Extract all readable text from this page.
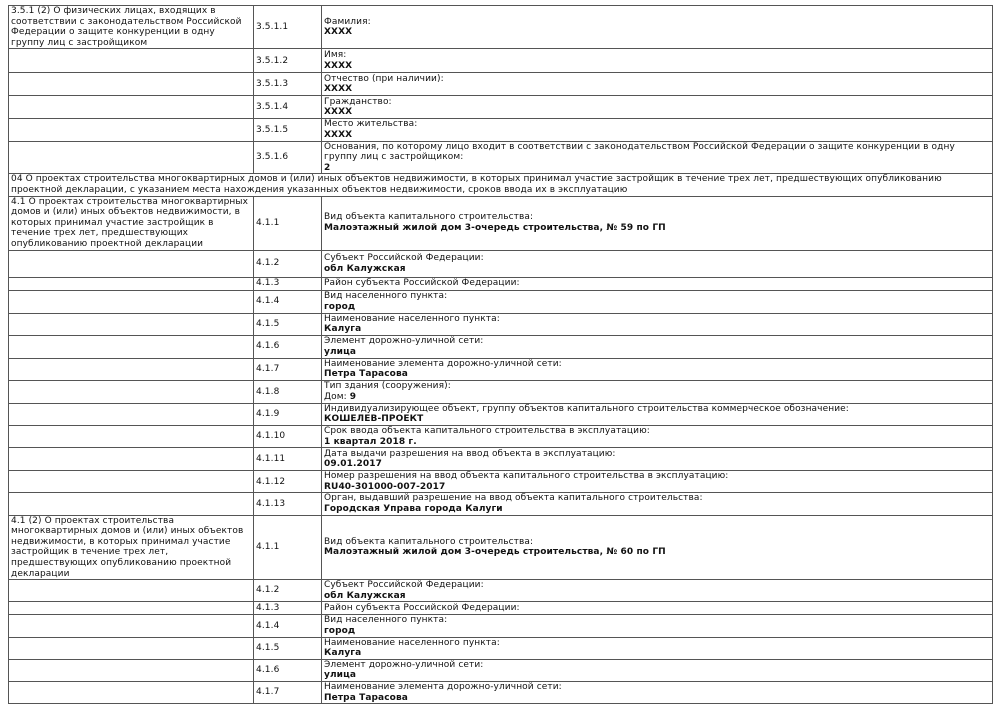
3.5.1 (2) О физических лицах, входящих в соответствии с законодательством Российской Федерации о защите конкуренции в одну группу лиц с застройщиком	3.5.1.1	Фамилия:
XXXX

	3.5.1.2	Имя:
XXXX

	3.5.1.3	Отчество (при наличии):
XXXX

	3.5.1.4	Гражданство:
XXXX

	3.5.1.5	Место жительства:
XXXX

	3.5.1.6	Основания, по которому лицо входит в соответствии с законодательством Российской Федерации о защите конкуренции в одну группу лиц с застройщиком:
2

04 О проектах строительства многоквартирных домов и (или) иных объектов недвижимости, в которых принимал участие застройщик в течение трех лет, предшествующих опубликованию проектной декларации, с указанием места нахождения указанных объектов недвижимости, сроков ввода их в эксплуатацию		
4.1 О проектах строительства многоквартирных домов и (или) иных объектов недвижимости, в которых принимал участие застройщик в течение трех лет, предшествующих опубликованию проектной декларации	4.1.1	Вид объекта капитального строительства:
Малоэтажный жилой дом 3-очередь строительства, № 59 по ГП

	4.1.2	Субъект Российской Федерации:
обл Калужская

	4.1.3	Район субъекта Российской Федерации:

	4.1.4	Вид населенного пункта:
город

	4.1.5	Наименование населенного пункта:
Калуга

	4.1.6	Элемент дорожно-уличной сети:
улица

	4.1.7	Наименование элемента дорожно-уличной сети:
Петра Тарасова

	4.1.8	Тип здания (сооружения):
Дом: 9

	4.1.9	Индивидуализирующее объект, группу объектов капитального строительства коммерческое обозначение:
КОШЕЛЕВ-ПРОЕКТ

	4.1.10	Срок ввода объекта капитального строительства в эксплуатацию:
1 квартал 2018 г.

	4.1.11	Дата выдачи разрешения на ввод объекта в эксплуатацию:
09.01.2017

	4.1.12	Номер разрешения на ввод объекта капитального строительства в эксплуатацию:
RU40-301000-007-2017

	4.1.13	Орган, выдавший разрешение на ввод объекта капитального строительства:
Городская Управа города Калуги

4.1 (2) О проектах строительства многоквартирных домов и (или) иных объектов недвижимости, в которых принимал участие застройщик в течение трех лет, предшествующих опубликованию проектной декларации	4.1.1	Вид объекта капитального строительства:
Малоэтажный жилой дом 3-очередь строительства, № 60 по ГП

	4.1.2	Субъект Российской Федерации:
обл Калужская

	4.1.3	Район субъекта Российской Федерации:

	4.1.4	Вид населенного пункта:
город

	4.1.5	Наименование населенного пункта:
Калуга

	4.1.6	Элемент дорожно-уличной сети:
улица

	4.1.7	Наименование элемента дорожно-уличной сети:
Петра Тарасова
